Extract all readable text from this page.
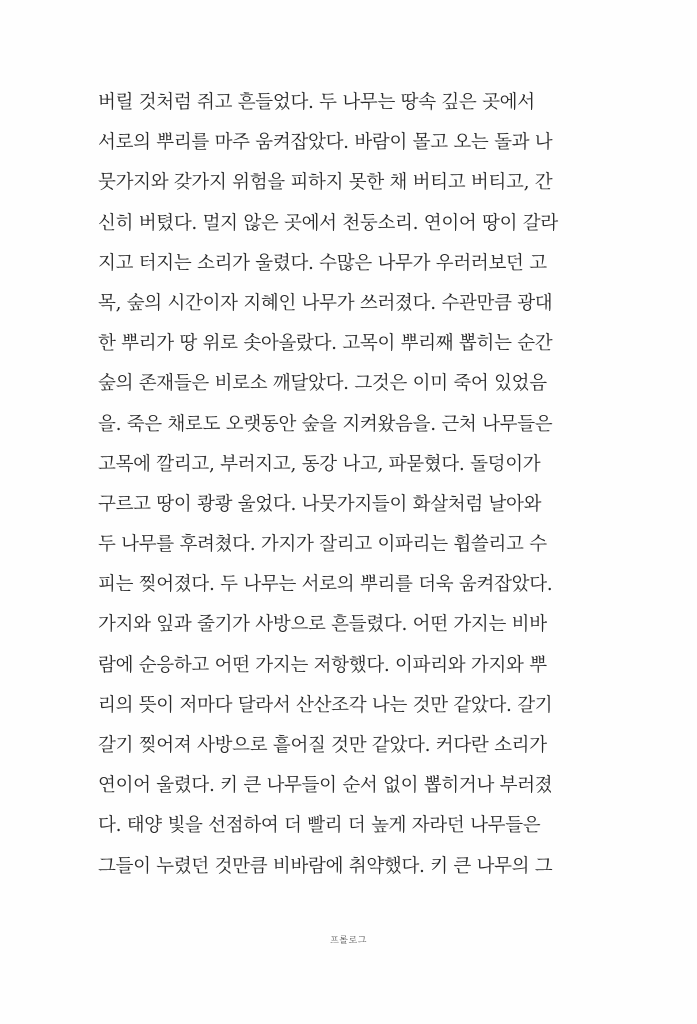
버릴 것처럼 쥐고 흔들었다. 두 나무는 땅속 깊은 곳에서
서로의 뿌리를 마주 움켜잡았다. 바람이 몰고 오는 돌과 나
뭇가지와 갖가지 위험을 피하지 못한 채 버티고 버티고, 간
신히 버텼다. 멀지 않은 곳에서 천둥소리. 연이어 땅이 갈라
지고 터지는 소리가 울렸다. 수많은 나무가 우러러보던 고
목, 숲의 시간이자 지혜인 나무가 쓰러졌다. 수관만큼 광대
한 뿌리가 땅 위로 솟아올랐다. 고목이 뿌리째 뽑히는 순간
숲의 존재들은 비로소 깨달았다. 그것은 이미 죽어 있었음
을. 죽은 채로도 오랫동안 숲을 지켜왔음을. 근처 나무들은
고목에 깔리고, 부러지고, 동강 나고, 파묻혔다. 돌덩이가
구르고 땅이 쾅쾅 울었다. 나뭇가지들이 화살처럼 날아와
두 나무를 후려쳤다. 가지가 잘리고 이파리는 휩쓸리고 수
피는 찢어졌다. 두 나무는 서로의 뿌리를 더욱 움켜잡았다.
가지와 잎과 줄기가 사방으로 흔들렸다. 어떤 가지는 비바
람에 순응하고 어떤 가지는 저항했다. 이파리와 가지와 뿌
리의 뜻이 저마다 달라서 산산조각 나는 것만 같았다. 갈기
갈기 찢어져 사방으로 흩어질 것만 같았다. 커다란 소리가
연이어 울렸다. 키 큰 나무들이 순서 없이 뽑히거나 부러졌
다. 태양 빛을 선점하여 더 빨리 더 높게 자라던 나무들은
그들이 누렸던 것만큼 비바람에 취약했다. 키 큰 나무의 그
프롤로그
